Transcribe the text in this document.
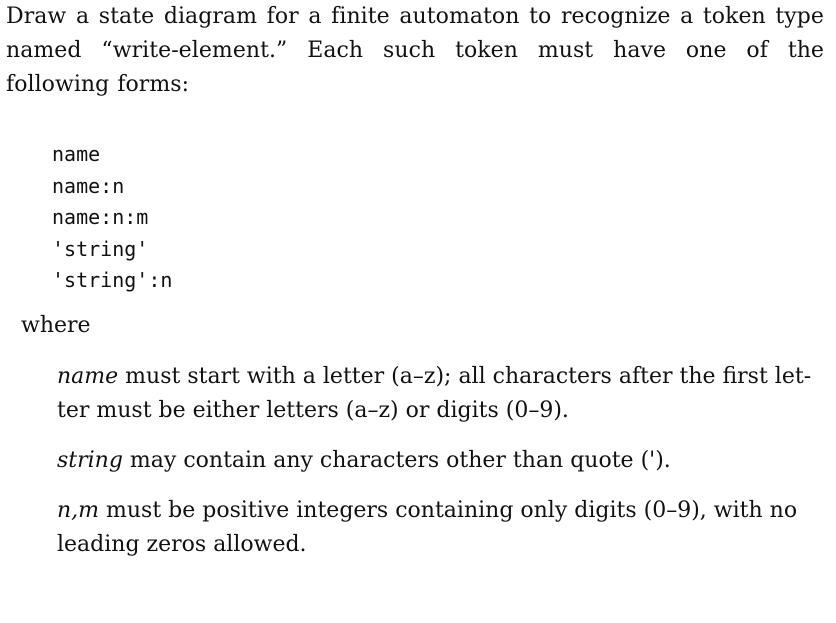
Draw a state diagram for a finite automaton to recognize a token type named “write-element.” Each such token must have one of the following forms:
name
name:n
name:n:m
'string'
'string':n
where
name must start with a letter (a–z); all characters after the first let-ter must be either letters (a–z) or digits (0–9).
string may contain any characters other than quote (').
n,m must be positive integers containing only digits (0–9), with no leading zeros allowed.
